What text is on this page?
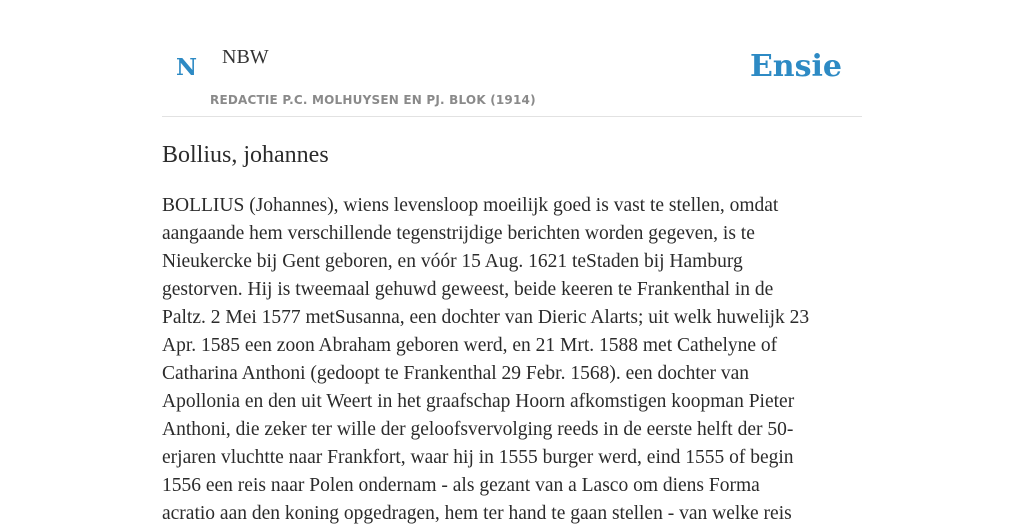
N NBW
REDACTIE P.C. MOLHUYSEN EN PJ. BLOK (1914)
Ensie
Bollius, johannes

BOLLIUS (Johannes), wiens levensloop moeilijk goed is vast te stellen, omdat
aangaande hem verschillende tegenstrijdige berichten worden gegeven, is te
Nieukercke bij Gent geboren, en vóór 15 Aug. 1621 teStaden bij Hamburg
gestorven. Hij is tweemaal gehuwd geweest, beide keeren te Frankenthal in de
Paltz. 2 Mei 1577 metSusanna, een dochter van Dieric Alarts; uit welk huwelijk 23
Apr. 1585 een zoon Abraham geboren werd, en 21 Mrt. 1588 met Cathelyne of
Catharina Anthoni (gedoopt te Frankenthal 29 Febr. 1568). een dochter van
Apollonia en den uit Weert in het graafschap Hoorn afkomstigen koopman Pieter
Anthoni, die zeker ter wille der geloofsvervolging reeds in de eerste helft der 50-
erjaren vluchtte naar Frankfort, waar hij in 1555 burger werd, eind 1555 of begin
1556 een reis naar Polen ondernam - als gezant van a Lasco om diens Forma
acratio aan den koning opgedragen, hem ter hand te gaan stellen - van welke reis
